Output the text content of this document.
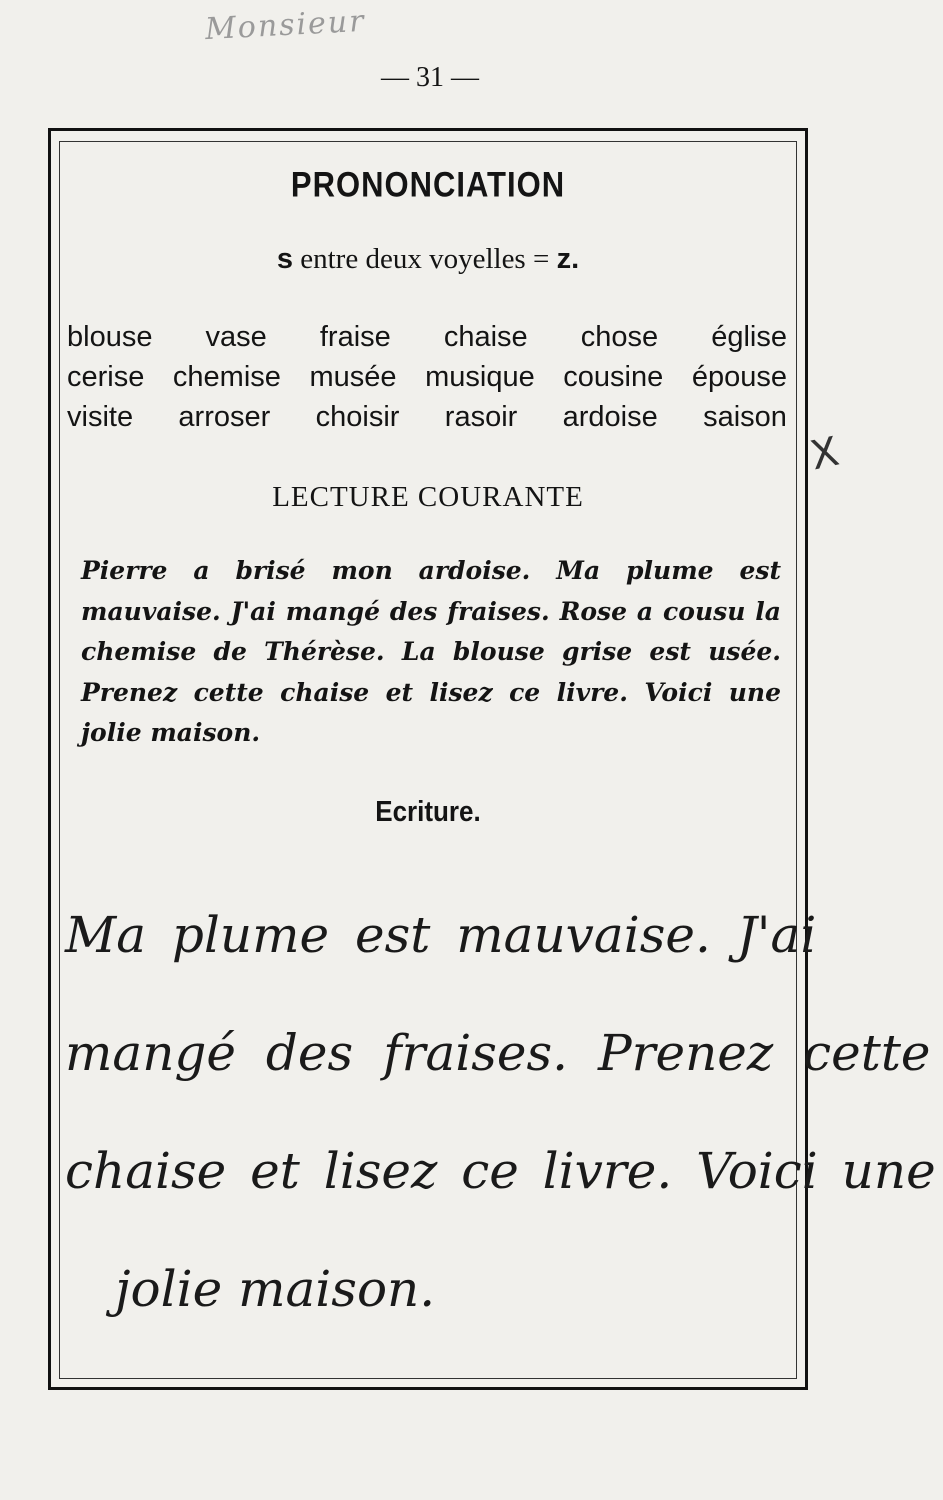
Monsieur
— 31 —
PRONONCIATION
s entre deux voyelles = z.
blouse vase fraise chaise chose église
cerise chemise musée musique cousine épouse
visite arroser choisir rasoir ardoise saison
LECTURE COURANTE
Pierre a brisé mon ardoise. Ma plume est mauvaise. J'ai mangé des fraises. Rose a cousu la chemise de Thérèse. La blouse grise est usée. Prenez cette chaise et lisez ce livre. Voici une jolie maison.
Ecriture.
Ma plume est mauvaise. J'ai
mangé des fraises. Prenez cette
chaise et lisez ce livre. Voici une
jolie maison.
X
